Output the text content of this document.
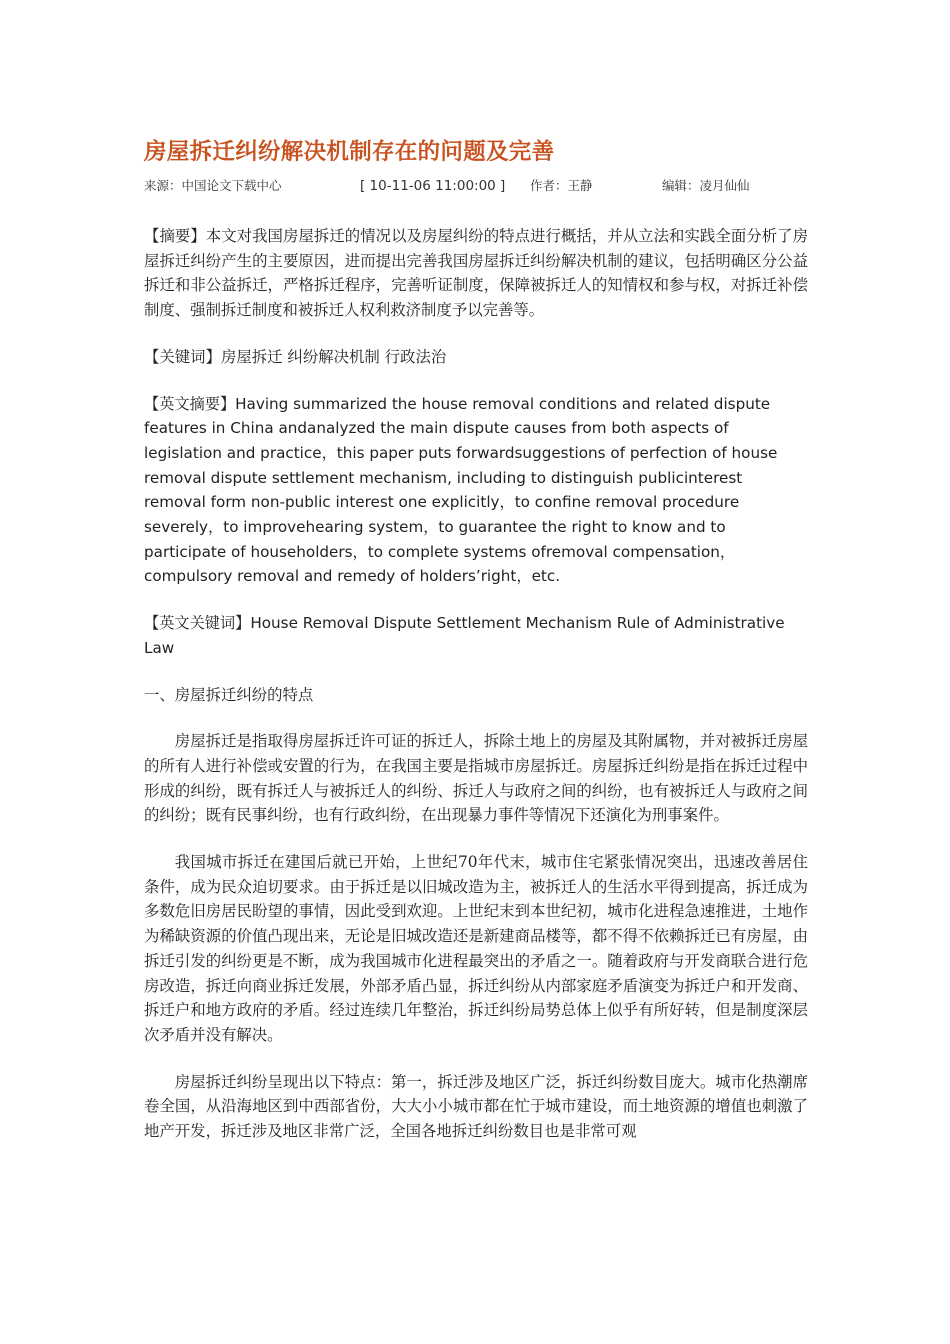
房屋拆迁纠纷解决机制存在的问题及完善
来源：中国论文下载中心	[ 10-11-06 11:00:00 ] 作者：王静	编辑：凌月仙仙

【摘要】本文对我国房屋拆迁的情况以及房屋纠纷的特点进行概括，并从立法和实践全面分析了房屋拆迁纠纷产生的主要原因，进而提出完善我国房屋拆迁纠纷解决机制的建议，包括明确区分公益拆迁和非公益拆迁，严格拆迁程序，完善听证制度，保障被拆迁人的知情权和参与权，对拆迁补偿制度、强制拆迁制度和被拆迁人权利救济制度予以完善等。

【关键词】房屋拆迁 纠纷解决机制 行政法治

【英文摘要】Having summarized the house removal conditions and related dispute features in China andanalyzed the main dispute causes from both aspects of legislation and practice，this paper puts forwardsuggestions of perfection of house removal dispute settlement mechanism, including to distinguish publicinterest removal form non-public interest one explicitly，to confine removal procedure severely，to improvehearing system，to guarantee the right to know and to participate of householders，to complete systems ofremoval compensation，compulsory removal and remedy of holders’right，etc.

【英文关键词】House Removal Dispute Settlement Mechanism Rule of Administrative Law

一、房屋拆迁纠纷的特点

房屋拆迁是指取得房屋拆迁许可证的拆迁人，拆除土地上的房屋及其附属物，并对被拆迁房屋的所有人进行补偿或安置的行为，在我国主要是指城市房屋拆迁。房屋拆迁纠纷是指在拆迁过程中形成的纠纷，既有拆迁人与被拆迁人的纠纷、拆迁人与政府之间的纠纷，也有被拆迁人与政府之间的纠纷；既有民事纠纷，也有行政纠纷，在出现暴力事件等情况下还演化为刑事案件。

我国城市拆迁在建国后就已开始，上世纪70年代末，城市住宅紧张情况突出，迅速改善居住条件，成为民众迫切要求。由于拆迁是以旧城改造为主，被拆迁人的生活水平得到提高，拆迁成为多数危旧房居民盼望的事情，因此受到欢迎。上世纪末到本世纪初，城市化进程急速推进，土地作为稀缺资源的价值凸现出来，无论是旧城改造还是新建商品楼等，都不得不依赖拆迁已有房屋，由拆迁引发的纠纷更是不断，成为我国城市化进程最突出的矛盾之一。随着政府与开发商联合进行危房改造，拆迁向商业拆迁发展，外部矛盾凸显，拆迁纠纷从内部家庭矛盾演变为拆迁户和开发商、拆迁户和地方政府的矛盾。经过连续几年整治，拆迁纠纷局势总体上似乎有所好转，但是制度深层次矛盾并没有解决。

房屋拆迁纠纷呈现出以下特点：第一，拆迁涉及地区广泛，拆迁纠纷数目庞大。城市化热潮席卷全国，从沿海地区到中西部省份，大大小小城市都在忙于城市建设，而土地资源的增值也刺激了地产开发，拆迁涉及地区非常广泛，全国各地拆迁纠纷数目也是非常可观
